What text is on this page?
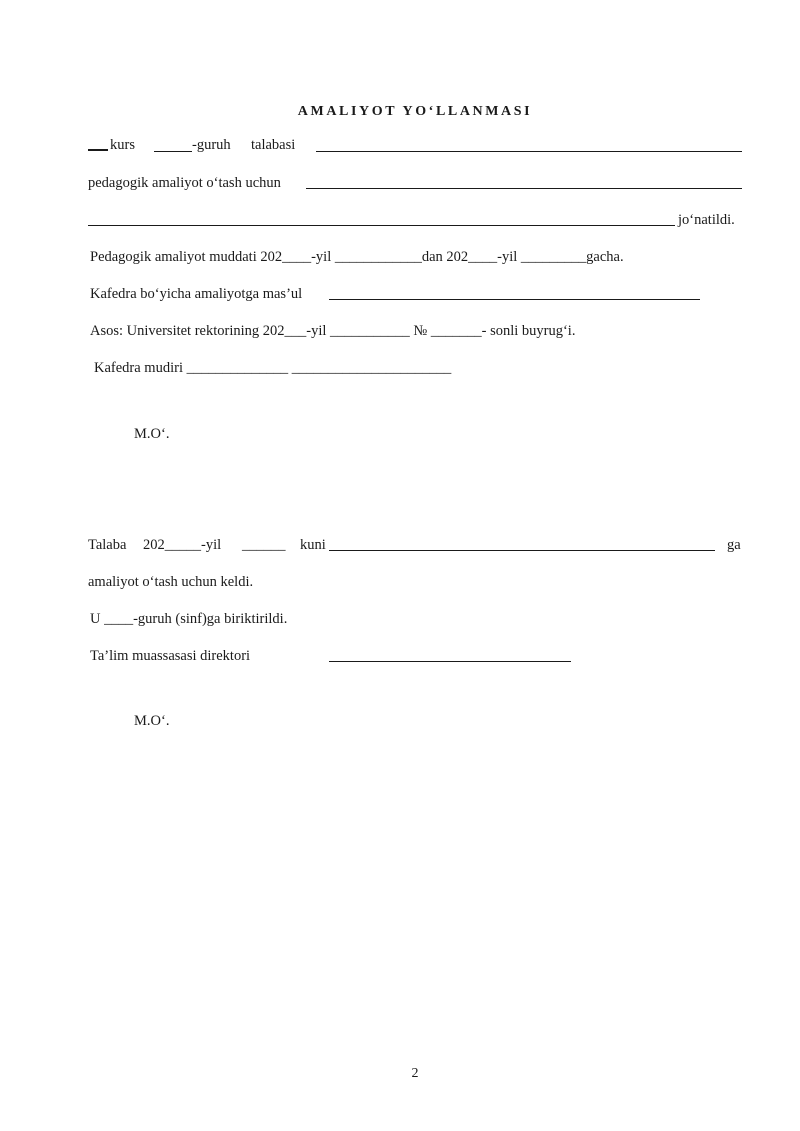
AMALIYOT YO‘LLANMASI
kurs	-guruh talabasi
pedagogik amaliyot o‘tash uchun
jo‘natildi.
Pedagogik amaliyot muddati 202____-yil ____________dan 202____-yil _________gacha.
Kafedra bo‘yicha amaliyotga mas’ul
Asos: Universitet rektorining 202___-yil ___________ № _______- sonli buyrug‘i.
Kafedra mudiri ______________ ______________________
M.O‘.
Talaba 202_____-yil ______ kuni	ga
amaliyot o‘tash uchun keldi.
U ____-guruh (sinf)ga biriktirildi.
Ta’lim muassasasi direktori
M.O‘.
2
